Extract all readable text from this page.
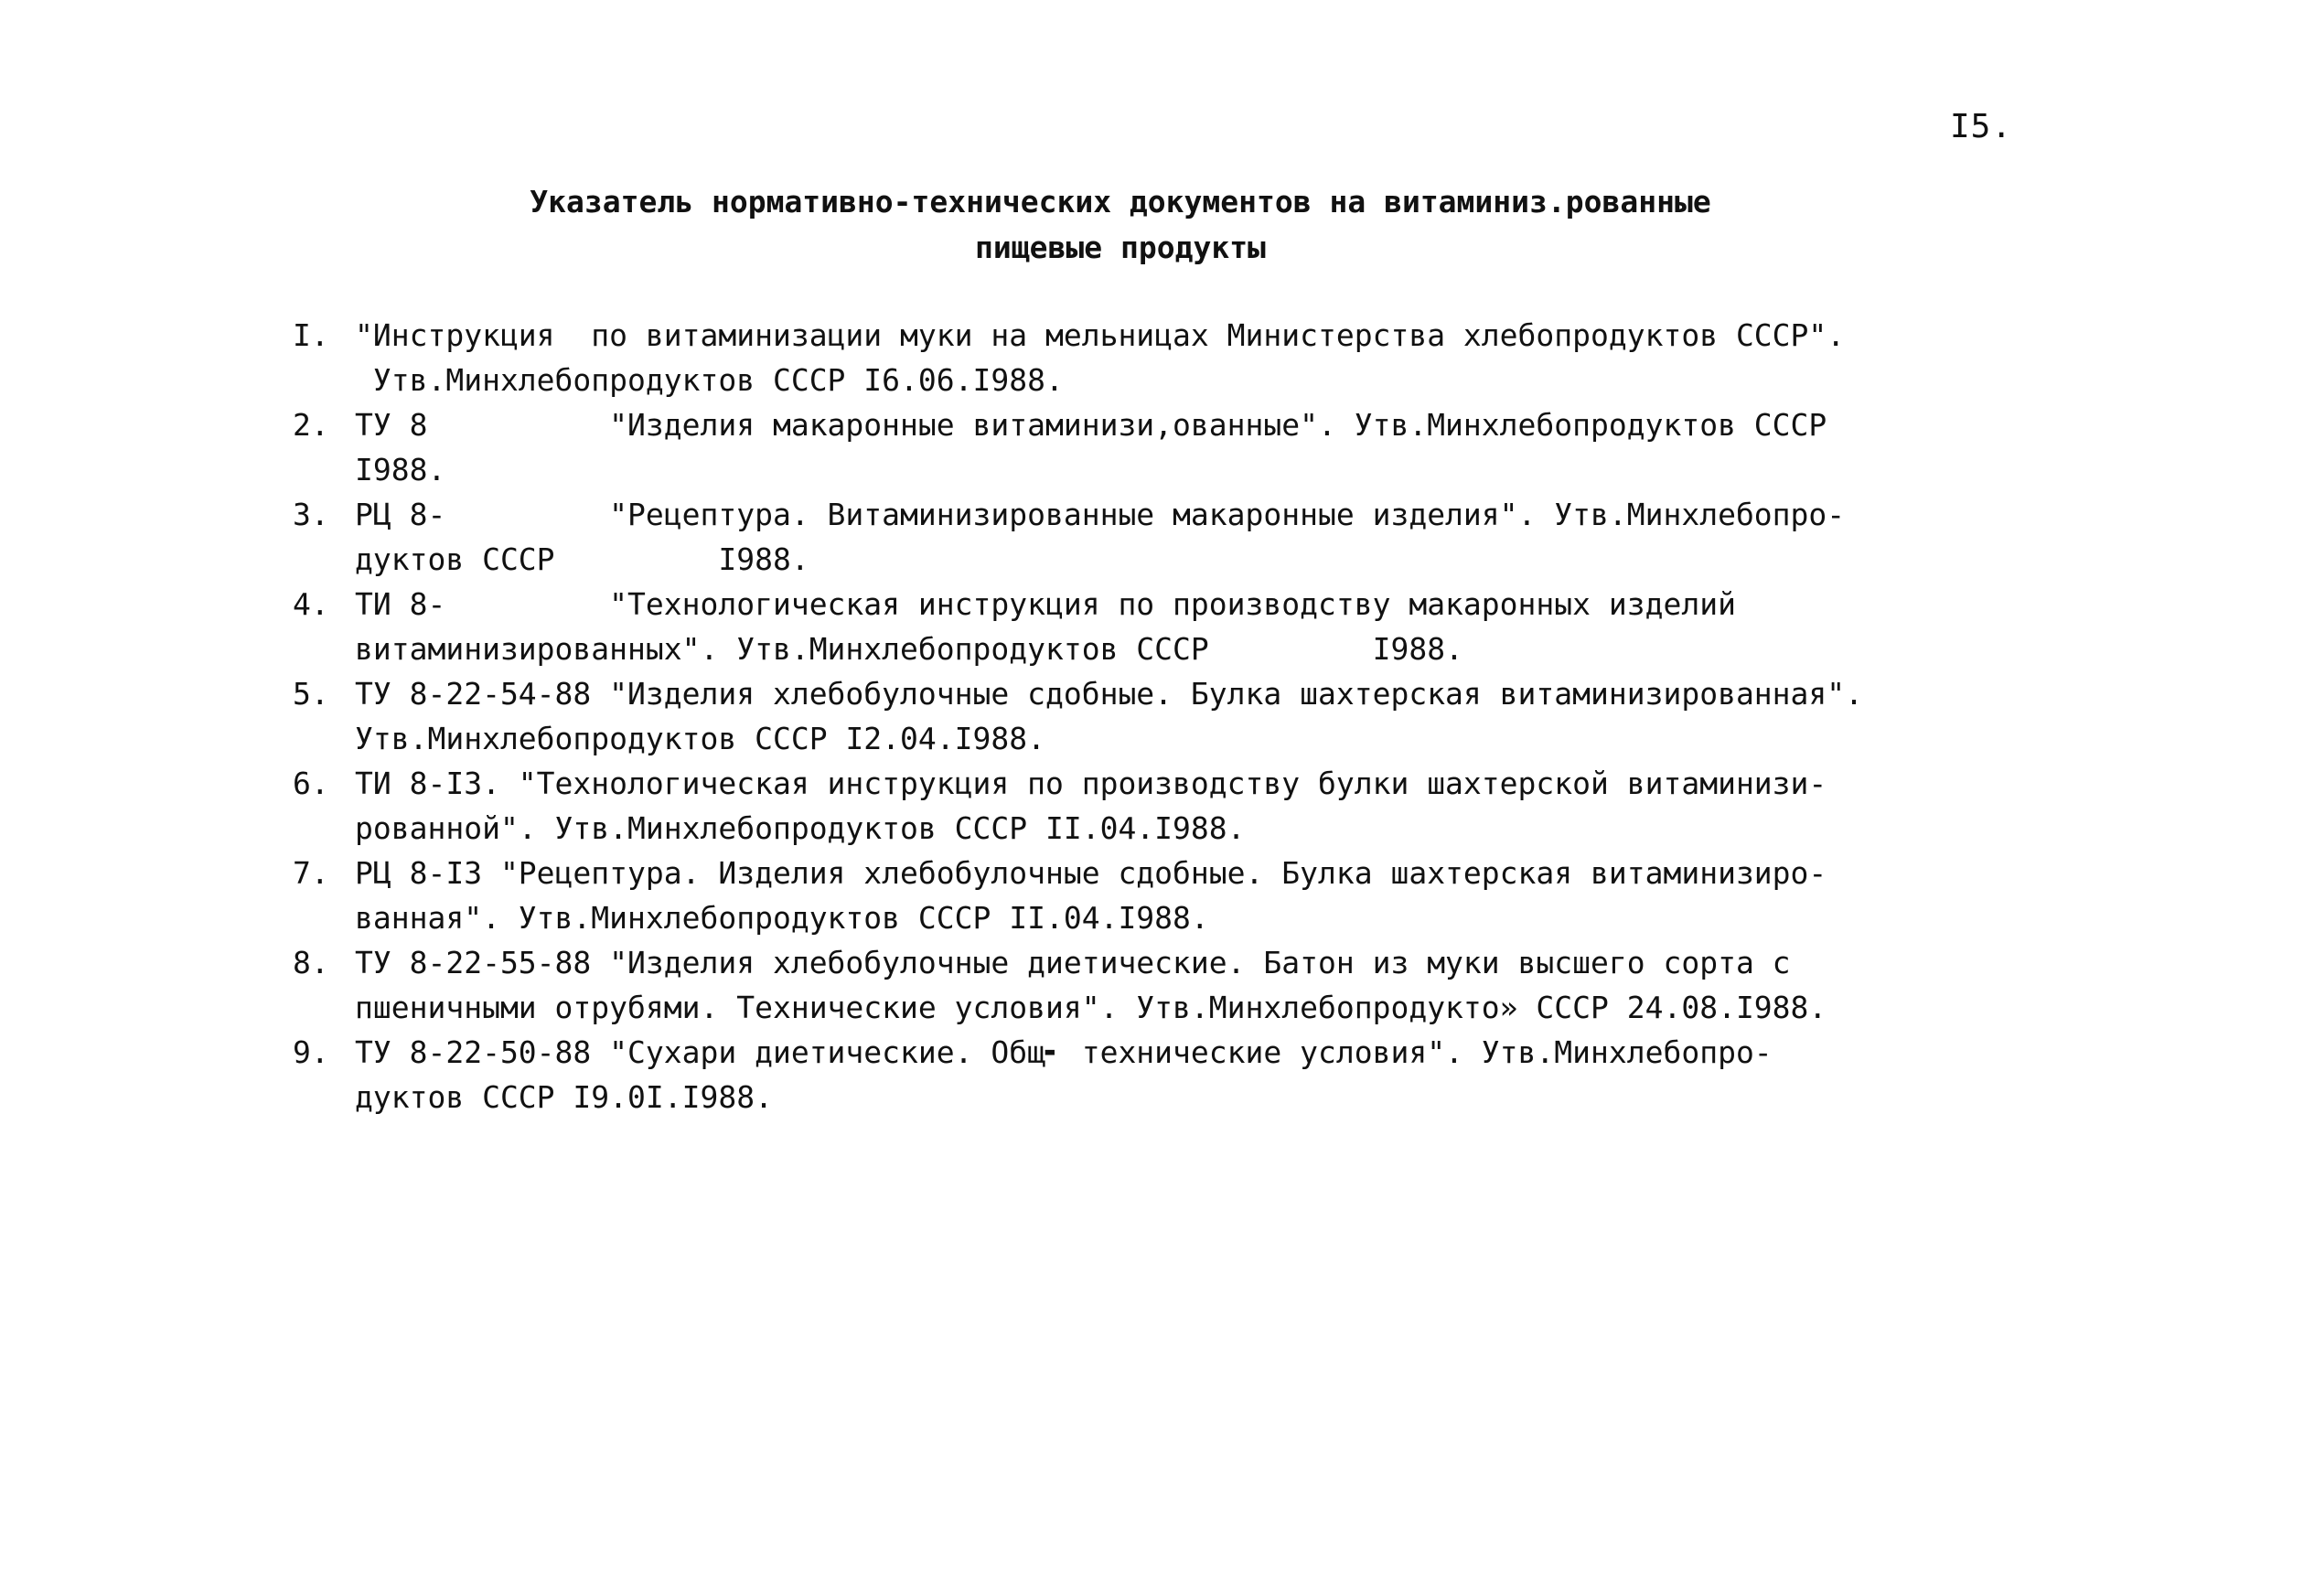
I5.
Указатель нормативно-технических документов на витаминиз.рованные
пищевые продукты
I. "Инструкция  по витаминизации муки на мельницах Министерства хлебопродуктов СССР".
Утв.Минхлебопродуктов СССР I6.06.I988.
2. ТУ 8          "Изделия макаронные витаминизи,ованные". Утв.Минхлебопродуктов СССР
I988.
3. РЦ 8-         "Рецептура. Витаминизированные макаронные изделия". Утв.Минхлебопро-
дуктов СССР         I988.
4. ТИ 8-         "Технологическая инструкция по производству макаронных изделий
витаминизированных". Утв.Минхлебопродуктов СССР         I988.
5. ТУ 8-22-54-88 "Изделия хлебобулочные сдобные. Булка шахтерская витаминизированная".
Утв.Минхлебопродуктов СССР I2.04.I988.
6. ТИ 8-I3. "Технологическая инструкция по производству булки шахтерской витаминизи-
рованной". Утв.Минхлебопродуктов СССР II.04.I988.
7. РЦ 8-I3 "Рецептура. Изделия хлебобулочные сдобные. Булка шахтерская витаминизиро-
ванная". Утв.Минхлебопродуктов СССР II.04.I988.
8. ТУ 8-22-55-88 "Изделия хлебобулочные диетические. Батон из муки высшего сорта с
пшеничными отрубями. Технические условия". Утв.Минхлебопродукто» СССР 24.08.I988.
9. ТУ 8-22-50-88 "Сухари диетические. Общ╸ технические условия". Утв.Минхлебопро-
дуктов СССР I9.0I.I988.
